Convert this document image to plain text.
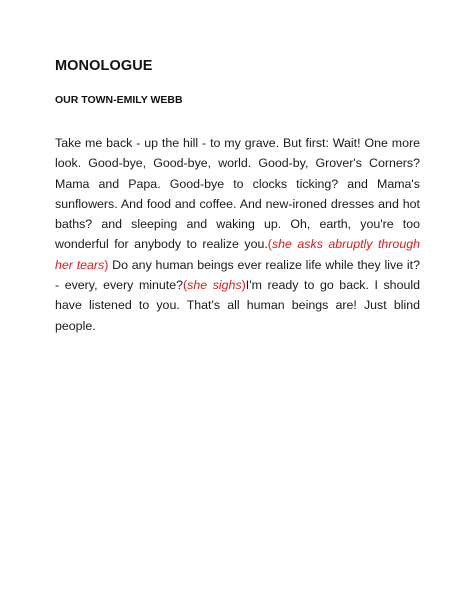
MONOLOGUE
OUR TOWN-EMILY WEBB

Take me back - up the hill - to my grave. But first: Wait! One more look. Good-bye, Good-bye, world. Good-by, Grover's Corners? Mama and Papa. Good-bye to clocks ticking? and Mama's sunflowers. And food and coffee. And new-ironed dresses and hot baths? and sleeping and waking up. Oh, earth, you're too wonderful for anybody to realize you.(she asks abruptly through her tears) Do any human beings ever realize life while they live it? - every, every minute?(she sighs)I'm ready to go back. I should have listened to you. That's all human beings are! Just blind people.
